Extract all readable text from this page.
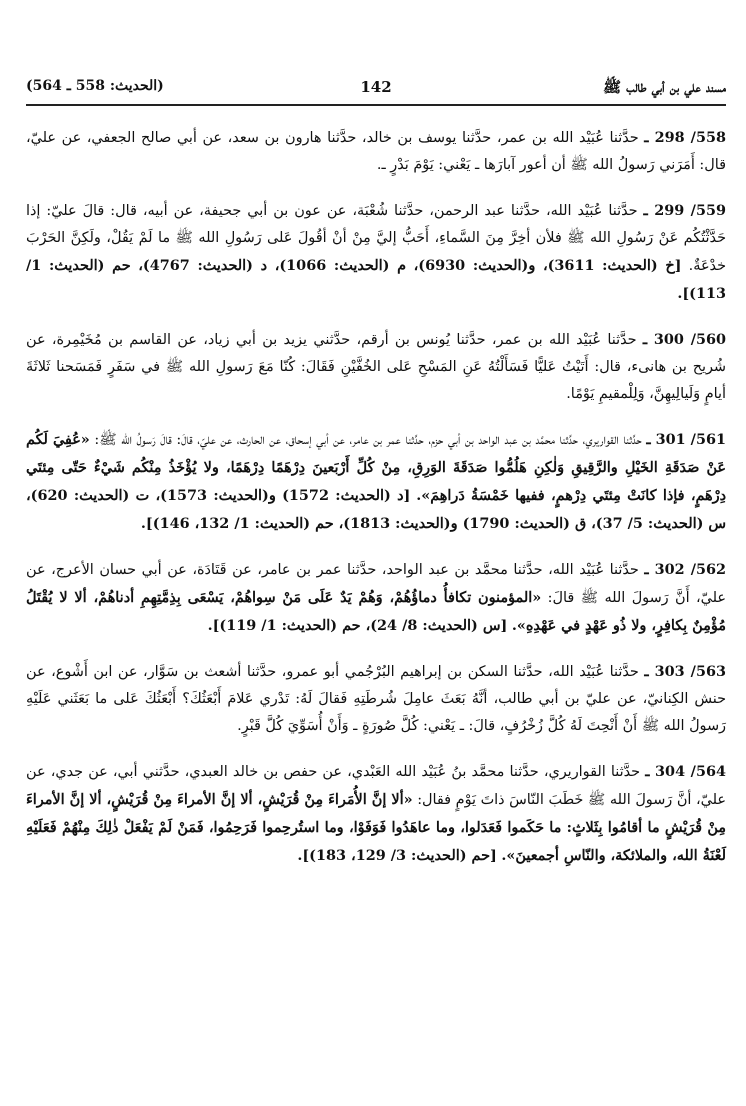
مسند علي بن أبي طالب ﷺ
142
(الحديث: 558 ـ 564)

558/ 298 ـ حدَّثنا عُبَيْد الله بن عمر، حدَّثنا يوسف بن خالد، حدَّثنا هارون بن سعد، عن أبي صالح الجعفي، عن عليّ، قال: أَمَرَني رَسولُ الله ﷺ أن أعور آبارَها ـ يَعْني: يَوْمَ بَدْرٍ ـ.

559/ 299 ـ حدَّثنا عُبَيْد الله، حدَّثنا عبد الرحمن، حدَّثنا شُعْبَة، عن عون بن أبي جحيفة، عن أبيه، قال: قالَ عليّ: إذا حَدَّثْتُكُم عَنْ رَسُولِ الله ﷺ فلأن أخِرَّ مِنَ السَّماءِ، أَحَبُّ إليَّ مِنْ أنْ أقُولَ عَلى رَسُولِ الله ﷺ ما لَمْ يَقُلْ، ولَكِنَّ الحَرْبَ خدْعَةٌ. [خ (الحديث: 3611)، و(الحديث: 6930)، م (الحديث: 1066)، د (الحديث: 4767)، حم (الحديث: 1/ 113)].

560/ 300 ـ حدَّثنا عُبَيْد الله بن عمر، حدَّثنا يُونس بن أرقم، حدَّثني يزيد بن أبي زياد، عن القاسم بن مُخَيْمِرة، عن شُريح بن هانىء، قال: أَتَيْتُ عَليًّا فَسَأَلْتُهُ عَنِ المَسْحِ عَلى الخُفَّيْنِ فَقَالَ: كُنّا مَعَ رَسولِ الله ﷺ في سَفَرٍ فَمَسَحنا ثَلاثَةَ أيامٍ وَلَيالِيهِنَّ، وَلِلْمقيمِ يَوْمًا.

561/ 301 ـ حدَّثنا القواريري، حدَّثنا محمَّد بن عبد الواحد بن أبي حزم، حدَّثنا عمر بن عامر، عن أبي إسحاق، عن الحارث، عن عليّ، قالَ: قالَ رَسولُ الله ﷺ: «عُفِيَ لَكُم عَنْ صَدَقَةِ الخَيْلِ والرَّقِيقِ وَلٰكِنِ هَلُمُّوا صَدَقَةَ الوَرِقِ، مِنْ كُلِّ أَرْبَعينَ دِرْهَمًا دِرْهَمًا، ولا يُؤْخَذُ مِنْكُم شَيْءٌ حَتّى مِئتَي دِرْهَمٍ، فإذا كانَتْ مِئتَي دِرْهمٍ، ففيها خَمْسَةُ دَراهِمَ». [د (الحديث: 1572) و(الحديث: 1573)، ت (الحديث: 620)، س (الحديث: 5/ 37)، ق (الحديث: 1790) و(الحديث: 1813)، حم (الحديث: 1/ 132، 146)].

562/ 302 ـ حدَّثنا عُبَيْد الله، حدَّثنا محمَّد بن عبد الواحد، حدَّثنا عمر بن عامر، عن قَتَادَة، عن أبي حسان الأعرج، عن عليّ، أَنَّ رَسولَ الله ﷺ قالَ: «المؤمنون تكافأُ دماؤُهُمْ، وَهُمْ يَدٌ عَلَى مَنْ سِواهُمْ، يَسْعَى بِذِمَّتِهِمِ أدناهُمْ، ألا لا يُقْتَلُ مُؤْمِنٌ بِكافِرٍ، ولا ذُو عَهْدٍ في عَهْدِهِ». [س (الحديث: 8/ 24)، حم (الحديث: 1/ 119)].

563/ 303 ـ حدَّثنا عُبَيْد الله، حدَّثنا السكن بن إبراهيم البُرْجُمي أبو عمرو، حدَّثنا أشعث بن سَوَّار، عن ابن أَشْوع، عن حنش الكِنانيّ، عن عليّ بن أبي طالب، أنَّهُ بَعَثَ عامِلَ شُرطَتِهِ فَقالَ لَهُ: تَدْري عَلامَ أَبْعَثُكَ؟ أَبْعَثُكَ عَلى ما بَعَثَني عَلَيْهِ رَسولُ الله ﷺ أَنْ أَنْحِتَ لَهُ كُلَّ زُخْرُفٍ، قالَ: ـ يَعْني: كُلَّ صُورَةٍ ـ وَأَنْ أُسَوِّيَ كُلَّ قَبْرٍ.

564/ 304 ـ حدَّثنا القواريري، حدَّثنا محمَّد بنُ عُبَيْد الله العَبْدي، عن حفص بن خالد العبدي، حدَّثني أبي، عن جدي، عن عليّ، أنَّ رَسولَ الله ﷺ خَطَبَ النّاسَ ذاتَ يَوْمٍ فقال: «ألا إنَّ الأُمَراءَ مِنْ قُرَيْشٍ، ألا إنَّ الأمراءَ مِنْ قُرَيْشٍ، ألا إنَّ الأمراءَ مِنْ قُرَيْشٍ ما أقامُوا بِثَلاثٍ: ما حَكَموا فَعَدَلوا، وما عاهَدُوا فَوَفَوْا، وما استُرحِموا فَرَحِمُوا، فَمَنْ لَمْ يَفْعَلْ ذٰلِكَ مِنْهُمْ فَعَلَيْهِ لَعْنَةُ الله، والملائكة، والنّاسِ أجمعينَ». [حم (الحديث: 3/ 129، 183)].
